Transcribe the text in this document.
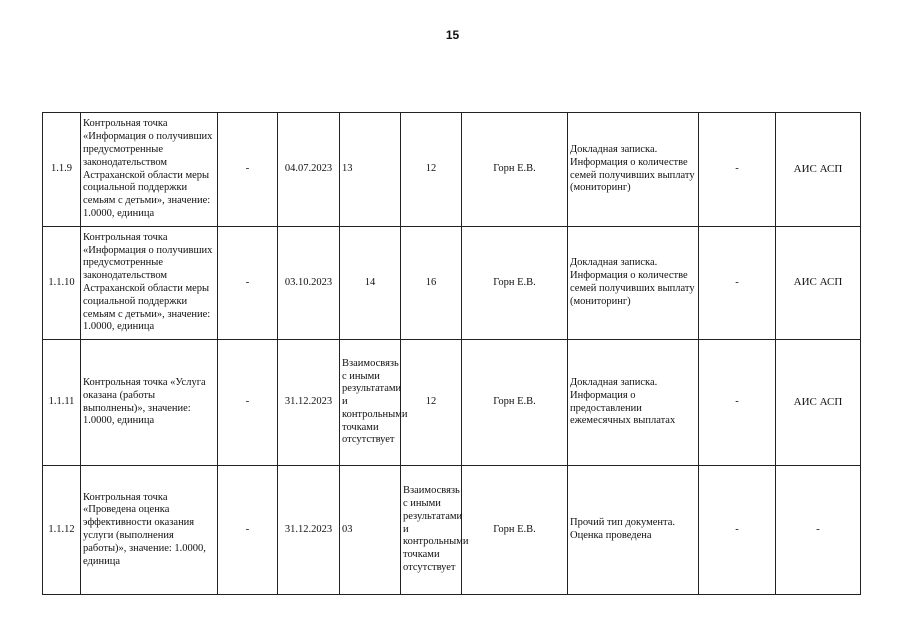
15
1.1.9	Контрольная точка «Информация о получивших предусмотренные законодательством Астраханской области меры социальной поддержки семьям с детьми», значение: 1.0000, единица	-	04.07.2023	13	12	Горн Е.В.	Докладная записка. Информация о количестве семей получивших выплату (мониторинг)	-	АИС АСП
1.1.10	Контрольная точка «Информация о получивших предусмотренные законодательством Астраханской области меры социальной поддержки семьям с детьми», значение: 1.0000, единица	-	03.10.2023	14	16	Горн Е.В.	Докладная записка. Информация о количестве семей получивших выплату (мониторинг)	-	АИС АСП
1.1.11	Контрольная точка «Услуга оказана (работы выполнены)», значение: 1.0000, единица	-	31.12.2023	Взаимосвязь с иными результатами и контрольными точками отсутствует	12	Горн Е.В.	Докладная записка. Информация о предоставлении ежемесячных выплатах	-	АИС АСП
1.1.12	Контрольная точка «Проведена оценка эффективности оказания услуги (выполнения работы)», значение: 1.0000, единица	-	31.12.2023	03	Взаимосвязь с иными результатами и контрольными точками отсутствует	Горн Е.В.	Прочий тип документа. Оценка проведена	-	-
